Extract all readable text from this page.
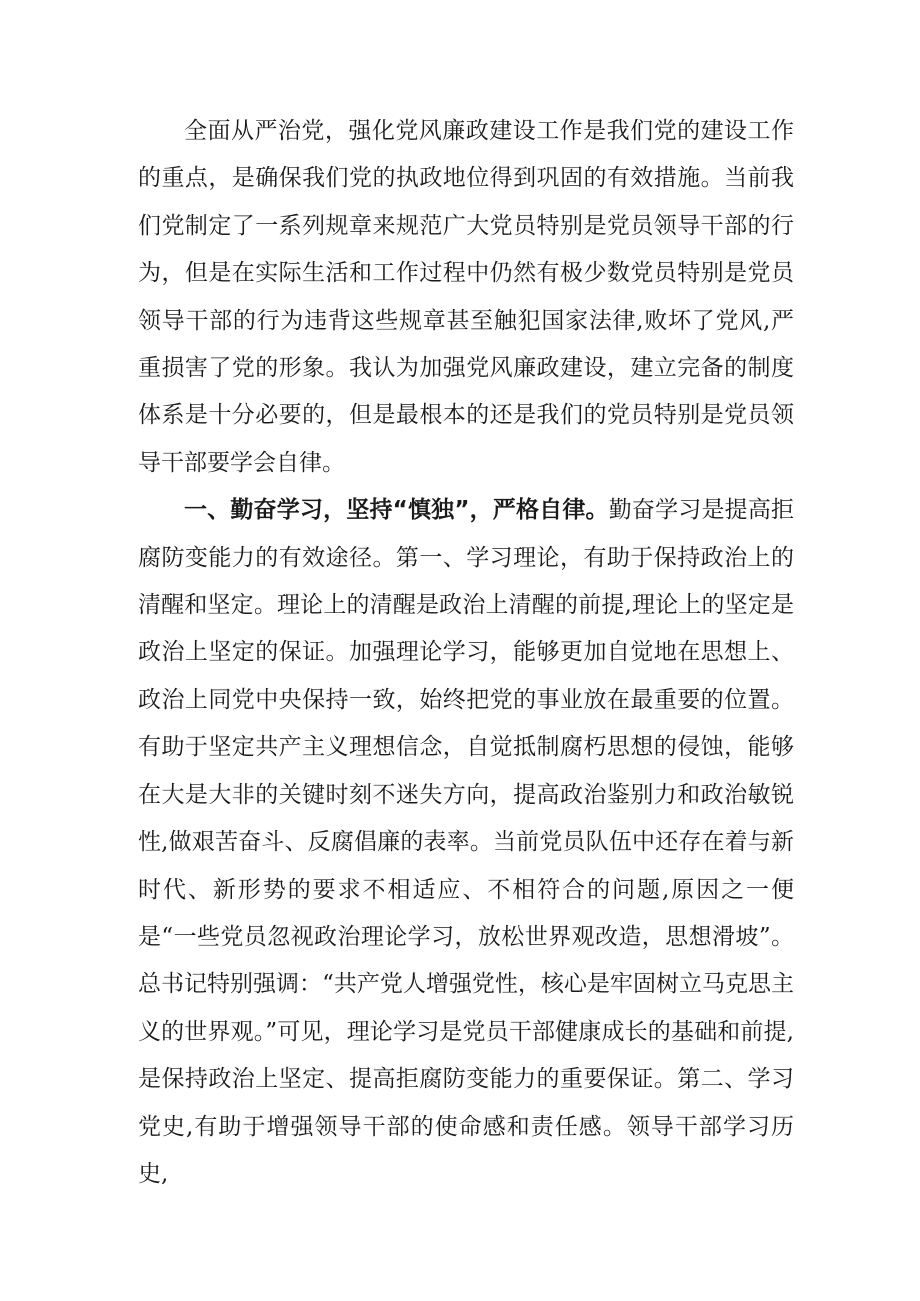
全面从严治党，强化党风廉政建设工作是我们党的建设工作的重点，是确保我们党的执政地位得到巩固的有效措施。当前我们党制定了一系列规章来规范广大党员特别是党员领导干部的行为，但是在实际生活和工作过程中仍然有极少数党员特别是党员领导干部的行为违背这些规章甚至触犯国家法律,败坏了党风,严重损害了党的形象。我认为加强党风廉政建设，建立完备的制度体系是十分必要的，但是最根本的还是我们的党员特别是党员领导干部要学会自律。

一、勤奋学习，坚持“慎独”，严格自律。勤奋学习是提高拒腐防变能力的有效途径。第一、学习理论，有助于保持政治上的清醒和坚定。理论上的清醒是政治上清醒的前提,理论上的坚定是政治上坚定的保证。加强理论学习，能够更加自觉地在思想上、政治上同党中央保持一致，始终把党的事业放在最重要的位置。有助于坚定共产主义理想信念，自觉抵制腐朽思想的侵蚀，能够在大是大非的关键时刻不迷失方向，提高政治鉴别力和政治敏锐性,做艰苦奋斗、反腐倡廉的表率。当前党员队伍中还存在着与新时代、新形势的要求不相适应、不相符合的问题,原因之一便是“一些党员忽视政治理论学习，放松世界观改造，思想滑坡”。总书记特别强调：“共产党人增强党性，核心是牢固树立马克思主义的世界观。”可见，理论学习是党员干部健康成长的基础和前提,是保持政治上坚定、提高拒腐防变能力的重要保证。第二、学习党史,有助于增强领导干部的使命感和责任感。领导干部学习历史,
